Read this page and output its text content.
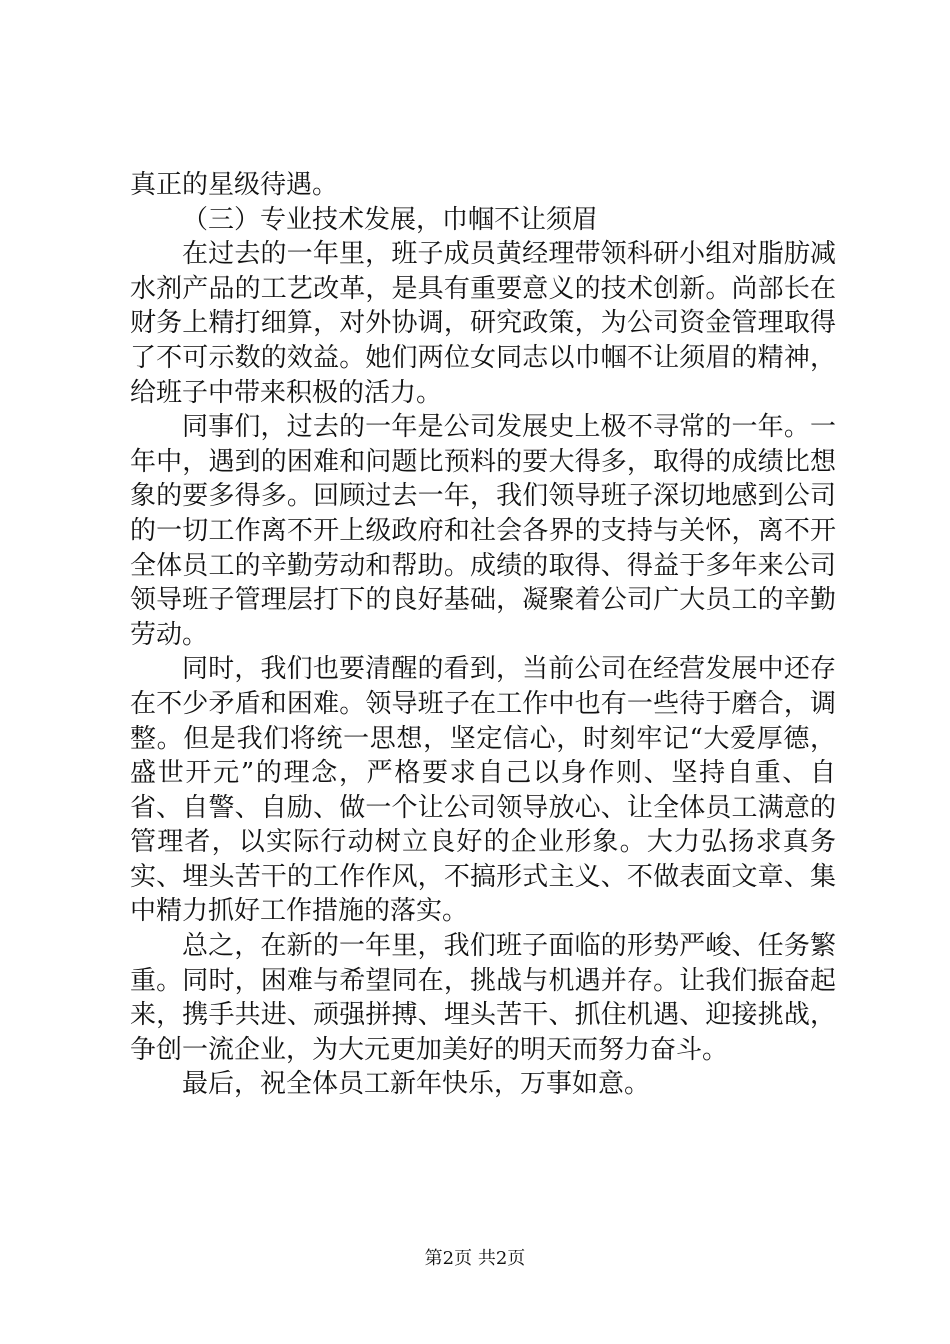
真正的星级待遇。

（三）专业技术发展，巾帼不让须眉

在过去的一年里，班子成员黄经理带领科研小组对脂肪减水剂产品的工艺改革，是具有重要意义的技术创新。尚部长在财务上精打细算，对外协调，研究政策，为公司资金管理取得了不可示数的效益。她们两位女同志以巾帼不让须眉的精神，给班子中带来积极的活力。

同事们，过去的一年是公司发展史上极不寻常的一年。一年中，遇到的困难和问题比预料的要大得多，取得的成绩比想象的要多得多。回顾过去一年，我们领导班子深切地感到公司的一切工作离不开上级政府和社会各界的支持与关怀，离不开全体员工的辛勤劳动和帮助。成绩的取得、得益于多年来公司领导班子管理层打下的良好基础，凝聚着公司广大员工的辛勤劳动。

同时，我们也要清醒的看到，当前公司在经营发展中还存在不少矛盾和困难。领导班子在工作中也有一些待于磨合，调整。但是我们将统一思想，坚定信心，时刻牢记“大爱厚德，盛世开元”的理念，严格要求自己以身作则、坚持自重、自省、自警、自励、做一个让公司领导放心、让全体员工满意的管理者，以实际行动树立良好的企业形象。大力弘扬求真务实、埋头苦干的工作作风，不搞形式主义、不做表面文章、集中精力抓好工作措施的落实。

总之，在新的一年里，我们班子面临的形势严峻、任务繁重。同时，困难与希望同在，挑战与机遇并存。让我们振奋起来，携手共进、顽强拼搏、埋头苦干、抓住机遇、迎接挑战，争创一流企业，为大元更加美好的明天而努力奋斗。

最后，祝全体员工新年快乐，万事如意。

第2页 共2页
